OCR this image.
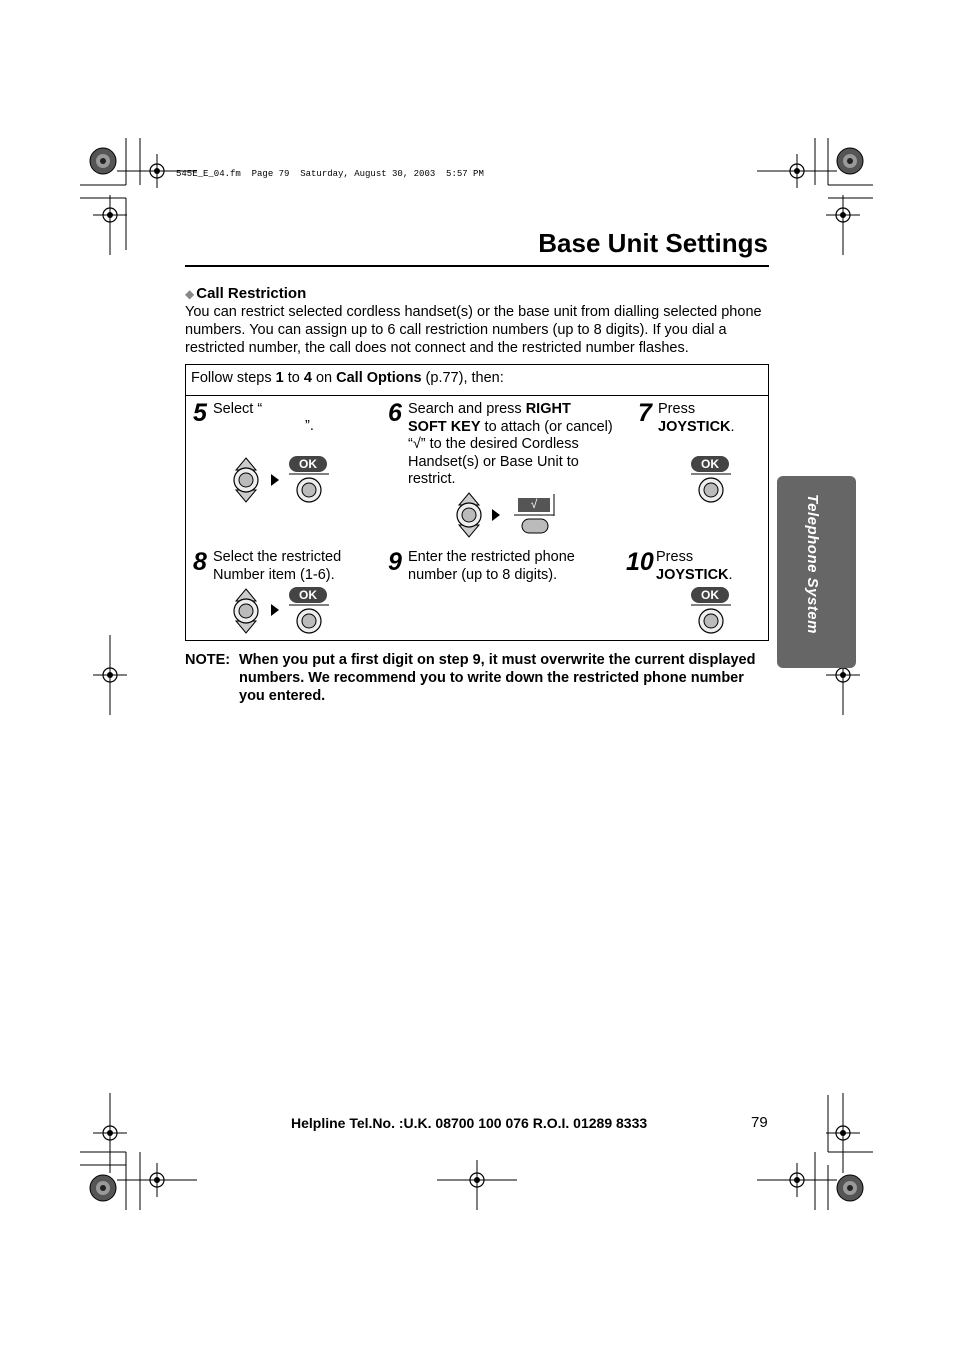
545E_E_04.fm  Page 79  Saturday, August 30, 2003  5:57 PM
Base Unit Settings
◆ Call Restriction
You can restrict selected cordless handset(s) or the base unit from dialling selected phone numbers. You can assign up to 6 call restriction numbers (up to 8 digits). If you dial a restricted number, the call does not connect and the restricted number flashes.
Follow steps 1 to 4 on Call Options (p.77), then:
5 Select “
”.	6 Search and press RIGHT SOFT KEY to attach (or cancel) “√” to the desired Cordless Handset(s) or Base Unit to restrict.
7 Press
JOYSTICK.
8 Select the restricted Number item (1-6).	9 Enter the restricted phone number (up to 8 digits).	10 Press
JOYSTICK.
OK
√
OK
OK	OK
NOTE: When you put a first digit on step 9, it must overwrite the current displayed numbers. We recommend you to write down the restricted phone number you entered.
Telephone System
Helpline Tel.No. :U.K. 08700 100 076 R.O.I. 01289 8333	79
